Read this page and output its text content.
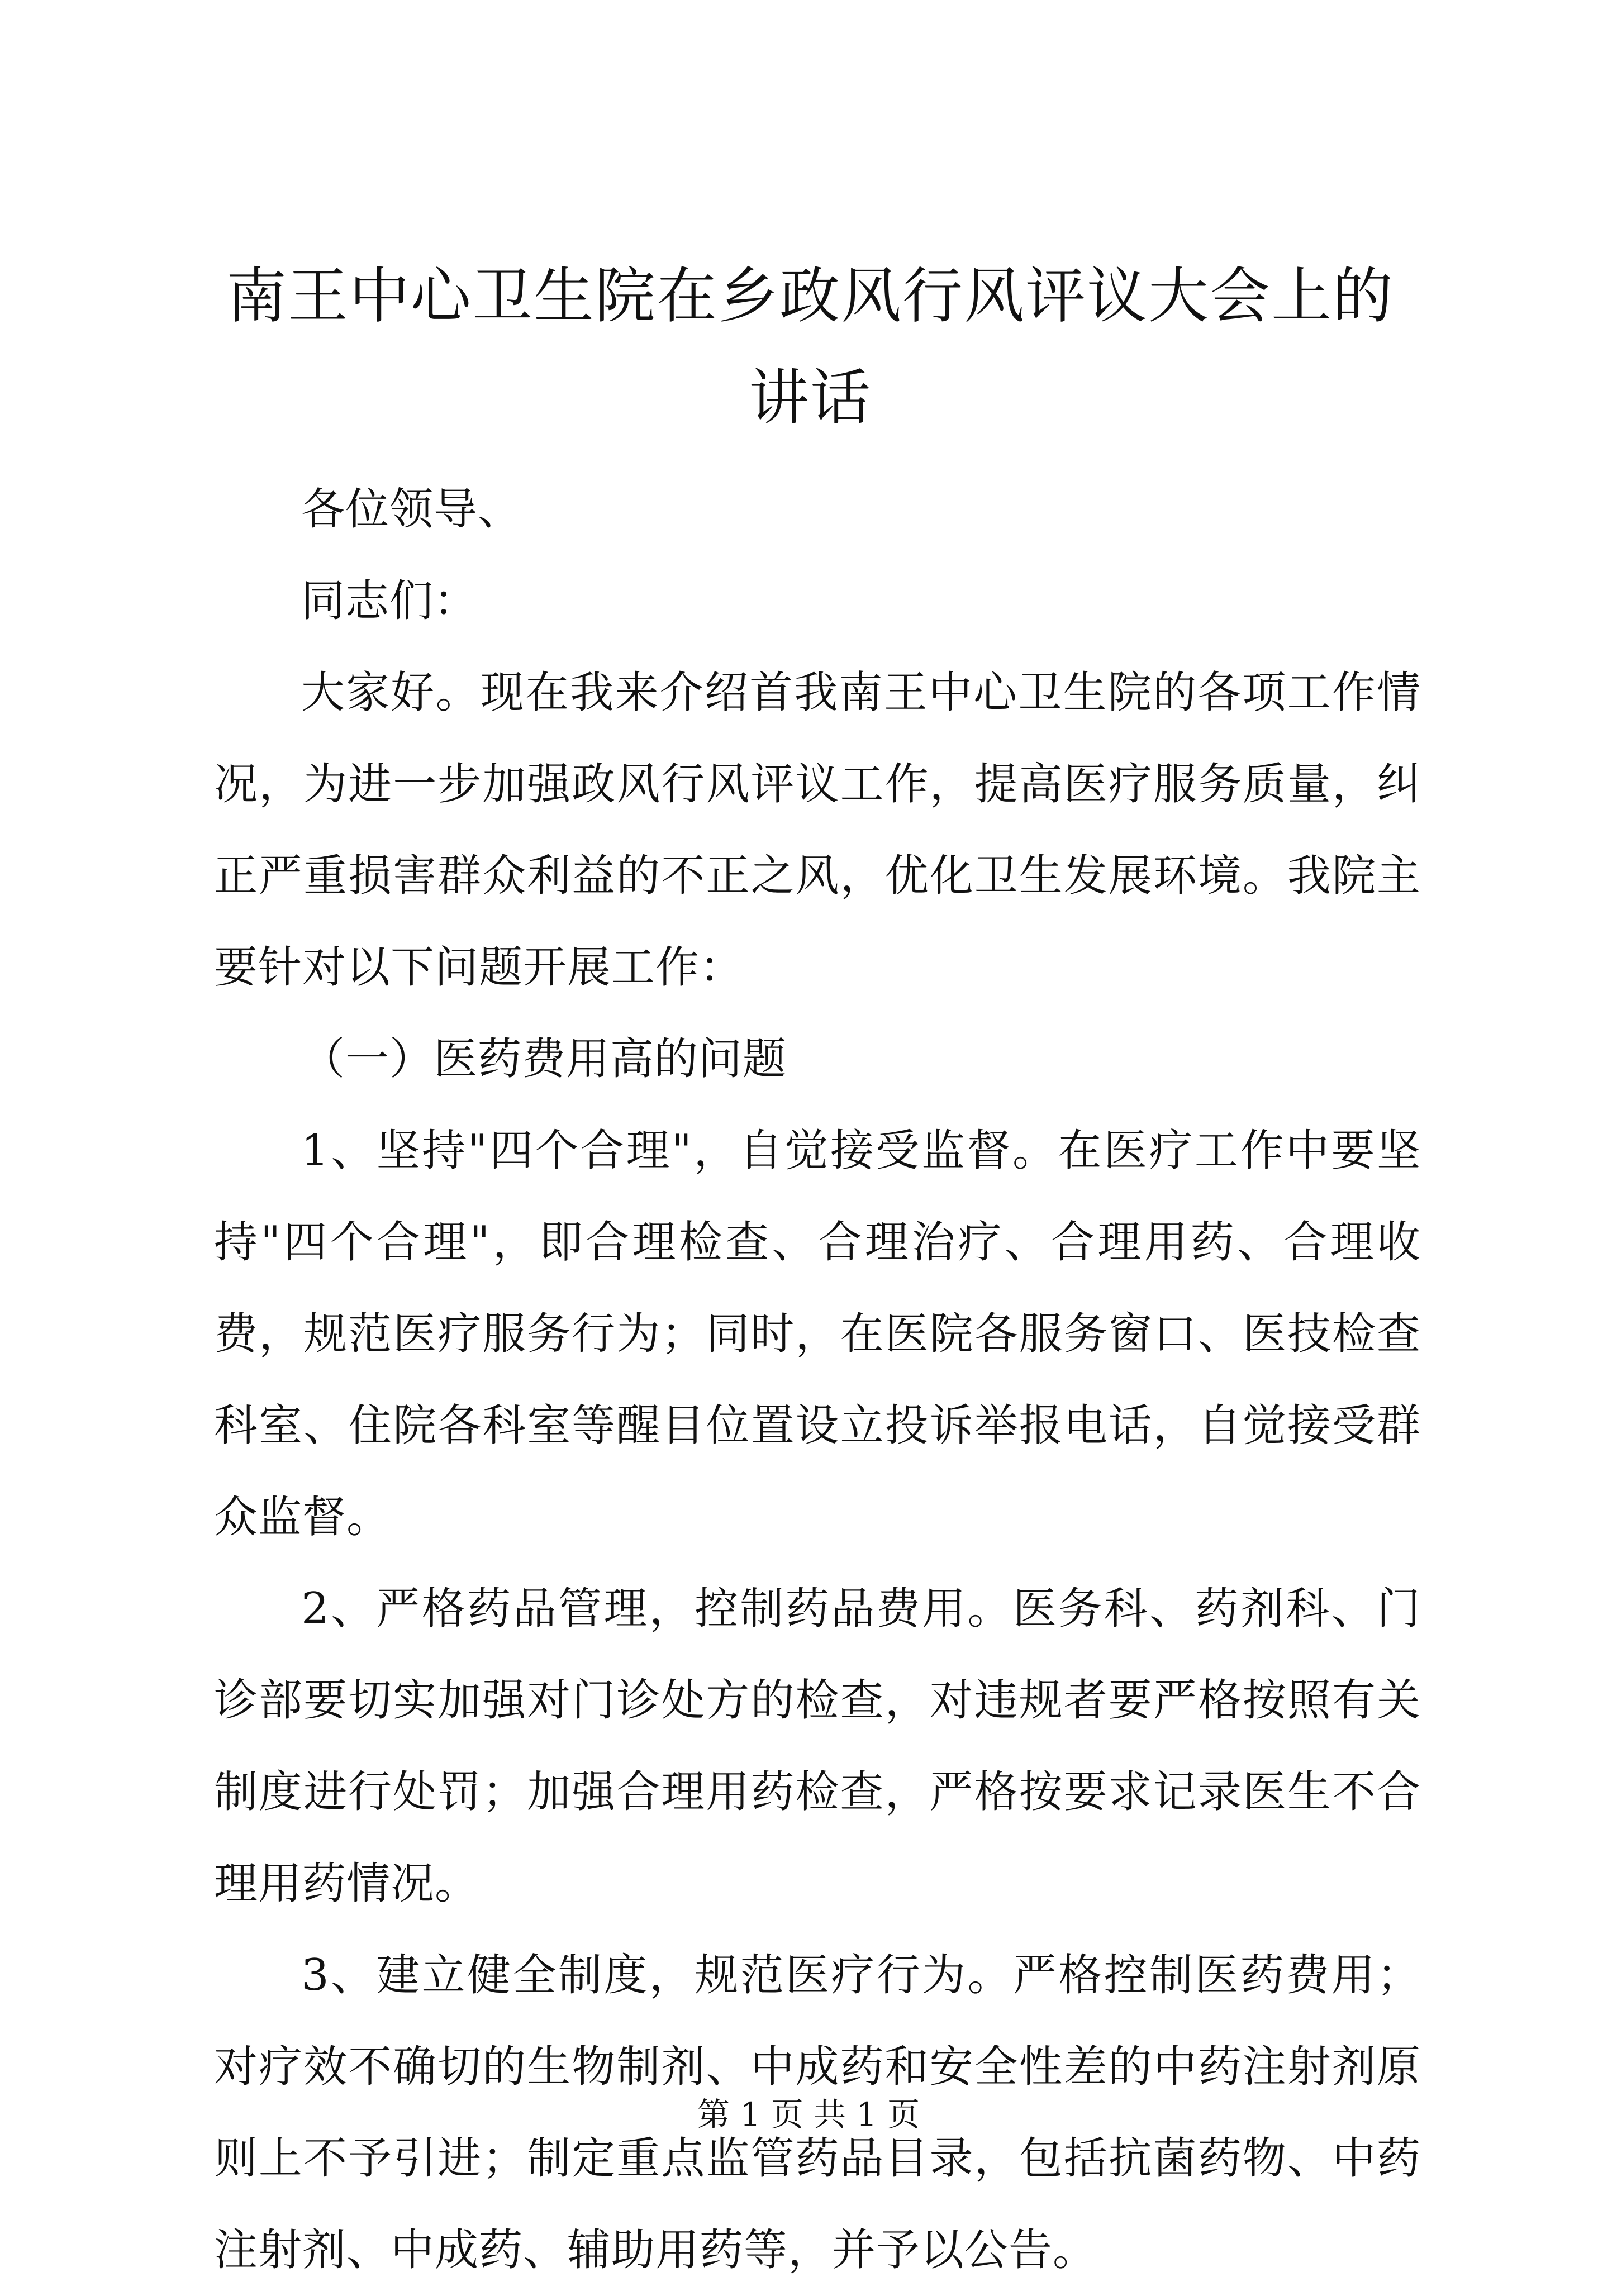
南王中心卫生院在乡政风行风评议大会上的讲话

各位领导、

同志们：

大家好。现在我来介绍首我南王中心卫生院的各项工作情况，为进一步加强政风行风评议工作，提高医疗服务质量，纠正严重损害群众利益的不正之风，优化卫生发展环境。我院主要针对以下问题开展工作：

（一）医药费用高的问题

1、坚持"四个合理"，自觉接受监督。在医疗工作中要坚持"四个合理"，即合理检查、合理治疗、合理用药、合理收费，规范医疗服务行为；同时，在医院各服务窗口、医技检查科室、住院各科室等醒目位置设立投诉举报电话，自觉接受群众监督。

2、严格药品管理，控制药品费用。医务科、药剂科、门诊部要切实加强对门诊处方的检查，对违规者要严格按照有关制度进行处罚；加强合理用药检查，严格按要求记录医生不合理用药情况。

3、建立健全制度，规范医疗行为。严格控制医药费用；对疗效不确切的生物制剂、中成药和安全性差的中药注射剂原则上不予引进；制定重点监管药品目录，包括抗菌药物、中药注射剂、中成药、辅助用药等，并予以公告。

第 1 页 共 1 页
